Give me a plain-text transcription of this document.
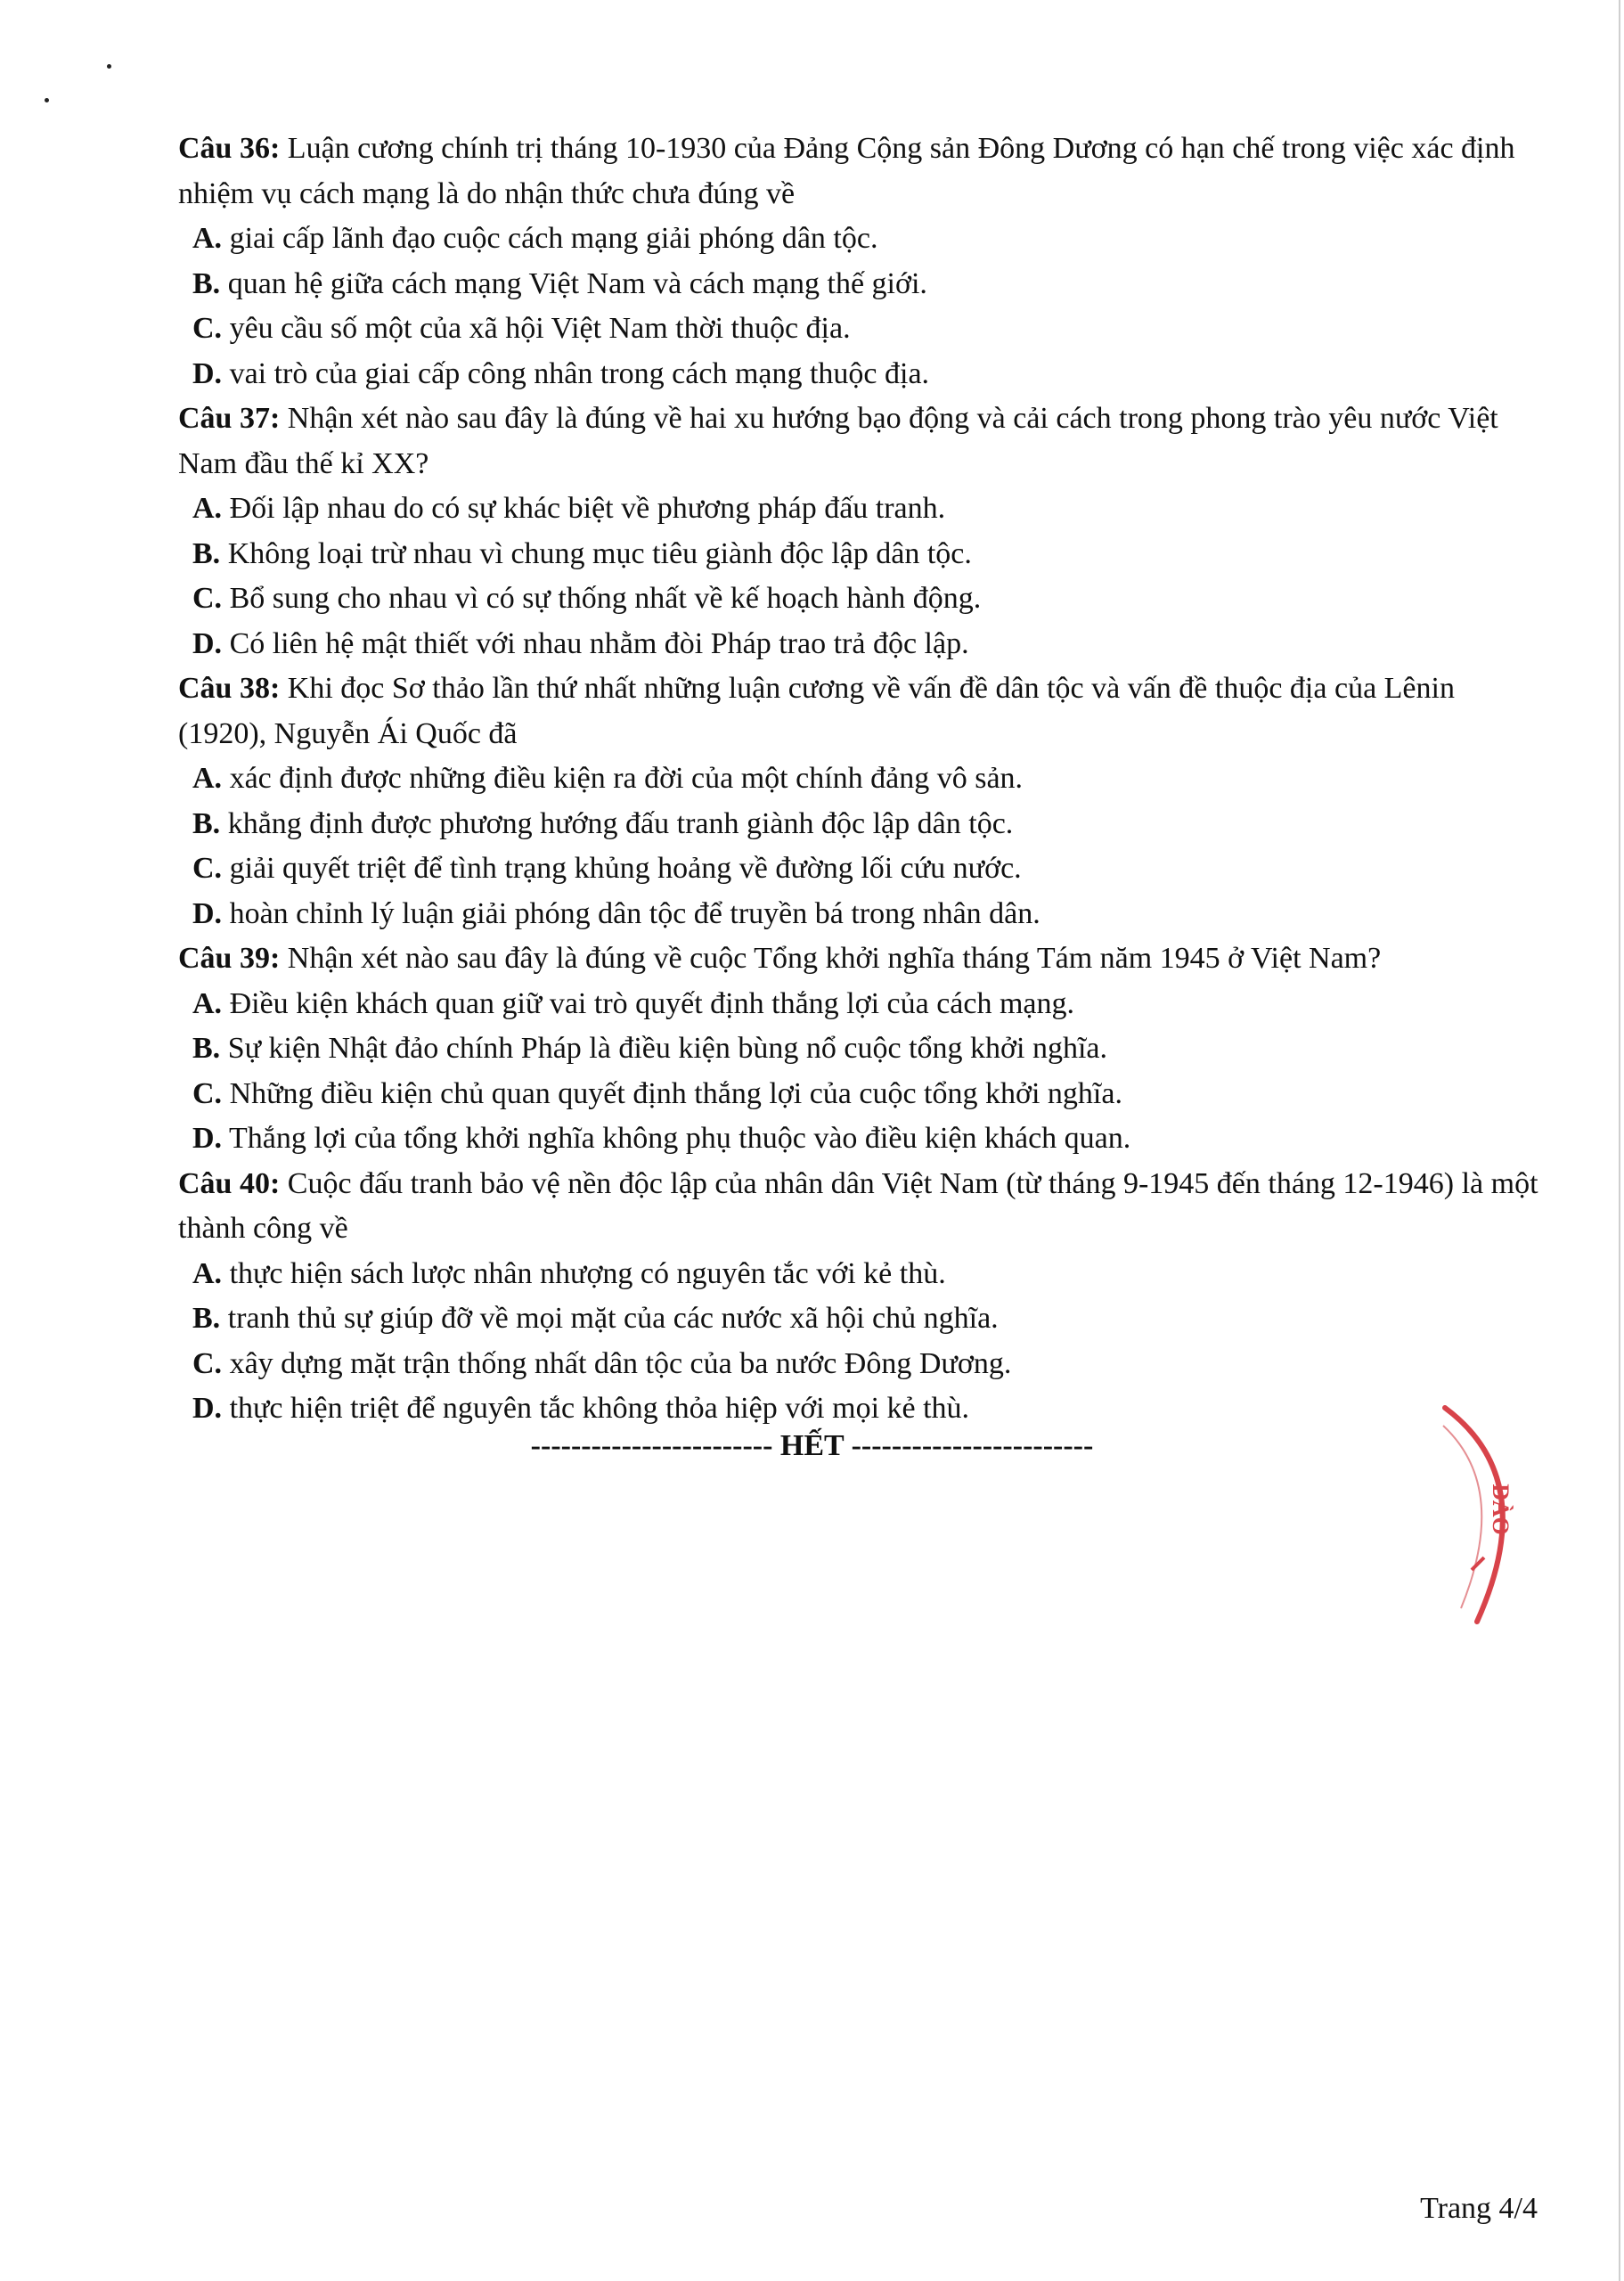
Câu 36: Luận cương chính trị tháng 10-1930 của Đảng Cộng sản Đông Dương có hạn chế trong việc xác định nhiệm vụ cách mạng là do nhận thức chưa đúng về

A. giai cấp lãnh đạo cuộc cách mạng giải phóng dân tộc.

B. quan hệ giữa cách mạng Việt Nam và cách mạng thế giới.

C. yêu cầu số một của xã hội Việt Nam thời thuộc địa.

D. vai trò của giai cấp công nhân trong cách mạng thuộc địa.

Câu 37: Nhận xét nào sau đây là đúng về hai xu hướng bạo động và cải cách trong phong trào yêu nước Việt Nam đầu thế kỉ XX?

A. Đối lập nhau do có sự khác biệt về phương pháp đấu tranh.

B. Không loại trừ nhau vì chung mục tiêu giành độc lập dân tộc.

C. Bổ sung cho nhau vì có sự thống nhất về kế hoạch hành động.

D. Có liên hệ mật thiết với nhau nhằm đòi Pháp trao trả độc lập.

Câu 38: Khi đọc Sơ thảo lần thứ nhất những luận cương về vấn đề dân tộc và vấn đề thuộc địa của Lênin (1920), Nguyễn Ái Quốc đã

A. xác định được những điều kiện ra đời của một chính đảng vô sản.

B. khẳng định được phương hướng đấu tranh giành độc lập dân tộc.

C. giải quyết triệt để tình trạng khủng hoảng về đường lối cứu nước.

D. hoàn chỉnh lý luận giải phóng dân tộc để truyền bá trong nhân dân.

Câu 39: Nhận xét nào sau đây là đúng về cuộc Tổng khởi nghĩa tháng Tám năm 1945 ở Việt Nam?

A. Điều kiện khách quan giữ vai trò quyết định thắng lợi của cách mạng.

B. Sự kiện Nhật đảo chính Pháp là điều kiện bùng nổ cuộc tổng khởi nghĩa.

C. Những điều kiện chủ quan quyết định thắng lợi của cuộc tổng khởi nghĩa.

D. Thắng lợi của tổng khởi nghĩa không phụ thuộc vào điều kiện khách quan.

Câu 40: Cuộc đấu tranh bảo vệ nền độc lập của nhân dân Việt Nam (từ tháng 9-1945 đến tháng 12-1946) là một thành công về

A. thực hiện sách lược nhân nhượng có nguyên tắc với kẻ thù.

B. tranh thủ sự giúp đỡ về mọi mặt của các nước xã hội chủ nghĩa.

C. xây dựng mặt trận thống nhất dân tộc của ba nước Đông Dương.

D. thực hiện triệt để nguyên tắc không thỏa hiệp với mọi kẻ thù.

------------------------ HẾT ------------------------
ĐÀO
Trang 4/4
